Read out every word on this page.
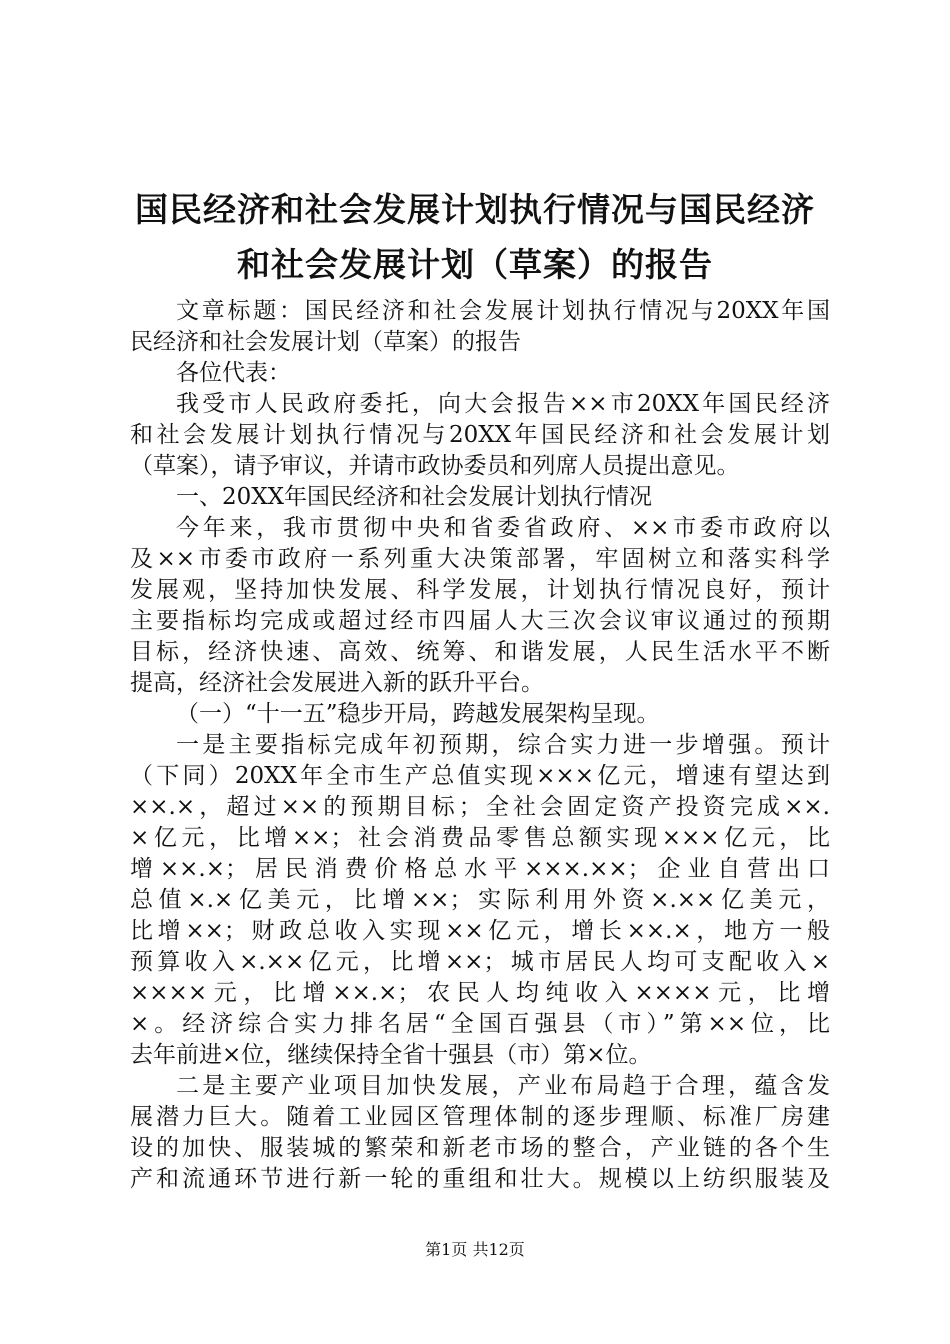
国民经济和社会发展计划执行情况与国民经济
和社会发展计划（草案）的报告
文章标题：国民经济和社会发展计划执行情况与20XX年国
民经济和社会发展计划（草案）的报告
各位代表：
我受市人民政府委托，向大会报告××市20XX年国民经济
和社会发展计划执行情况与20XX年国民经济和社会发展计划
（草案），请予审议，并请市政协委员和列席人员提出意见。
一、20XX年国民经济和社会发展计划执行情况
今年来，我市贯彻中央和省委省政府、××市委市政府以
及××市委市政府一系列重大决策部署，牢固树立和落实科学
发展观，坚持加快发展、科学发展，计划执行情况良好，预计
主要指标均完成或超过经市四届人大三次会议审议通过的预期
目标，经济快速、高效、统筹、和谐发展，人民生活水平不断
提高，经济社会发展进入新的跃升平台。
（一）“十一五”稳步开局，跨越发展架构呈现。
一是主要指标完成年初预期，综合实力进一步增强。预计
（下同）20XX年全市生产总值实现×××亿元，增速有望达到
××.×，超过××的预期目标；全社会固定资产投资完成××.
×亿元，比增××；社会消费品零售总额实现×××亿元，比
增××.×；居民消费价格总水平×××.××；企业自营出口
总值×.×亿美元，比增××；实际利用外资×.××亿美元，
比增××；财政总收入实现××亿元，增长××.×，地方一般
预算收入×.××亿元，比增××；城市居民人均可支配收入×
××××元，比增××.×；农民人均纯收入××××元，比增
×。经济综合实力排名居“全国百强县（市）”第××位，比
去年前进×位，继续保持全省十强县（市）第×位。
二是主要产业项目加快发展，产业布局趋于合理，蕴含发
展潜力巨大。随着工业园区管理体制的逐步理顺、标准厂房建
设的加快、服装城的繁荣和新老市场的整合，产业链的各个生
产和流通环节进行新一轮的重组和壮大。规模以上纺织服装及
第1页 共12页
